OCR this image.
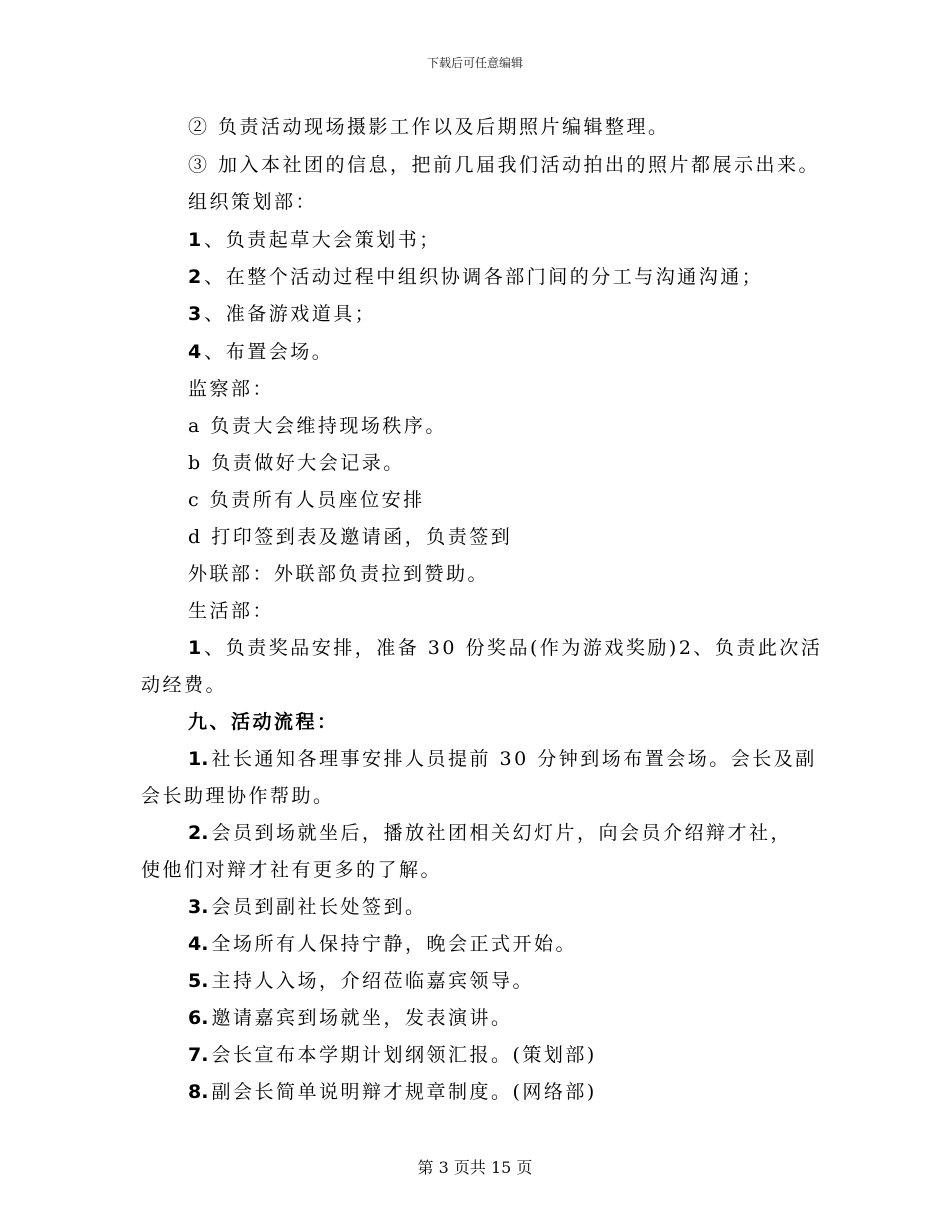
下载后可任意编辑
② 负责活动现场摄影工作以及后期照片编辑整理。
③ 加入本社团的信息，把前几届我们活动拍出的照片都展示出来。
组织策划部：
1 、负责起草大会策划书；
2 、在整个活动过程中组织协调各部门间的分工与沟通沟通；
3 、准备游戏道具；
4 、布置会场。
监察部：
a 负责大会维持现场秩序。
b 负责做好大会记录。
c 负责所有人员座位安排
d 打印签到表及邀请函，负责签到
外联部：外联部负责拉到赞助。
生活部：
1 、负责奖品安排，准备 30 份奖品(作为游戏奖励)2、负责此次活
动经费。
九、活动流程：
1. 社长通知各理事安排人员提前 30 分钟到场布置会场。会长及副
会长助理协作帮助。
2. 会员到场就坐后，播放社团相关幻灯片，向会员介绍辩才社，
使他们对辩才社有更多的了解。
3. 会员到副社长处签到。
4. 全场所有人保持宁静，晚会正式开始。
5. 主持人入场，介绍莅临嘉宾领导。
6. 邀请嘉宾到场就坐，发表演讲。
7. 会长宣布本学期计划纲领汇报。(策划部)
8. 副会长简单说明辩才规章制度。(网络部)
第 3 页共 15 页
